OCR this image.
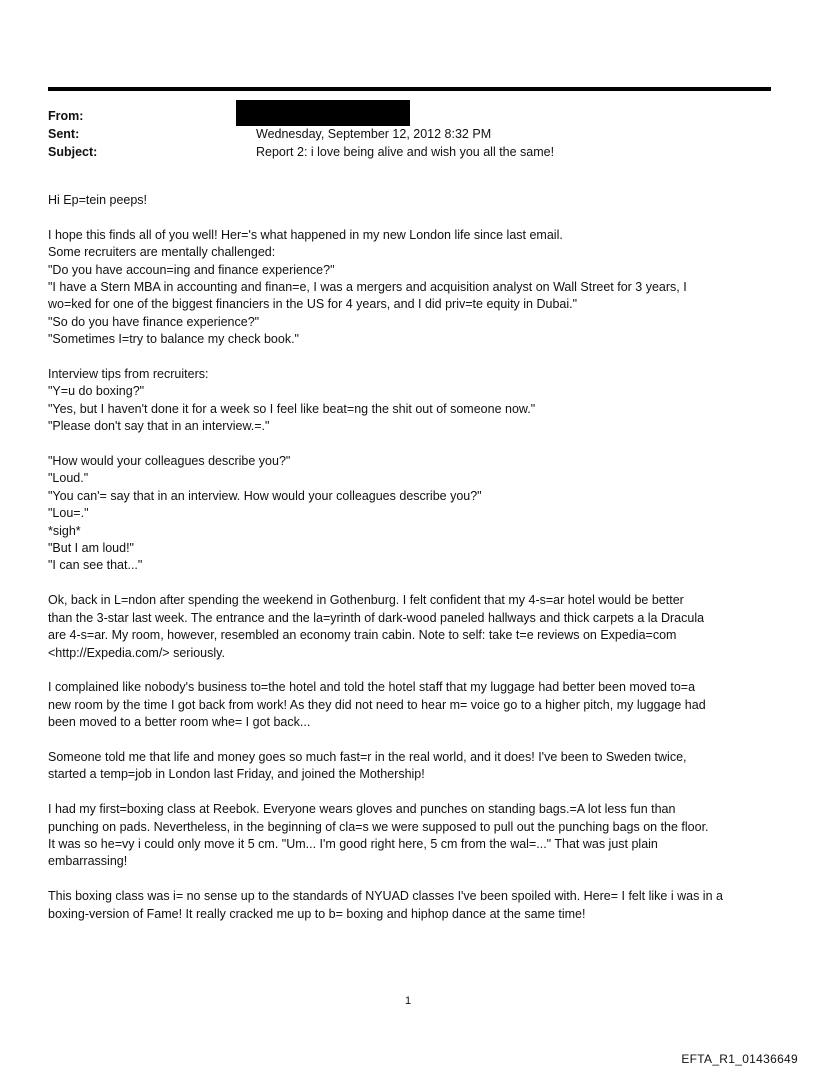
From:
Sent:	Wednesday, September 12, 2012 8:32 PM
Subject:	Report 2: i love being alive and wish you all the same!

Hi Ep=tein peeps!

I hope this finds all of you well! Her='s what happened in my new London life since last email.
Some recruiters are mentally challenged:
"Do you have accoun=ing and finance experience?"
"I have a Stern MBA in accounting and finan=e, I was a mergers and acquisition analyst on Wall Street for 3 years, I
wo=ked for one of the biggest financiers in the US for 4 years, and I did priv=te equity in Dubai."
"So do you have finance experience?"
"Sometimes I=try to balance my check book."

Interview tips from recruiters:
"Y=u do boxing?"
"Yes, but I haven't done it for a week so I feel like beat=ng the shit out of someone now."
"Please don't say that in an interview.=."

"How would your colleagues describe you?"
"Loud."
"You can'= say that in an interview. How would your colleagues describe you?"
"Lou=."
*sigh*
"But I am loud!"
"I can see that..."

Ok, back in L=ndon after spending the weekend in Gothenburg. I felt confident that my 4-s=ar hotel would be better
than the 3-star last week. The entrance and the la=yrinth of dark-wood paneled hallways and thick carpets a la Dracula
are 4-s=ar. My room, however, resembled an economy train cabin. Note to self: take t=e reviews on Expedia=com
<http://Expedia.com/> seriously.

I complained like nobody's business to=the hotel and told the hotel staff that my luggage had better been moved to=a
new room by the time I got back from work! As they did not need to hear m= voice go to a higher pitch, my luggage had
been moved to a better room whe= I got back...

Someone told me that life and money goes so much fast=r in the real world, and it does! I've been to Sweden twice,
started a temp=job in London last Friday, and joined the Mothership!

I had my first=boxing class at Reebok. Everyone wears gloves and punches on standing bags.=A lot less fun than
punching on pads. Nevertheless, in the beginning of cla=s we were supposed to pull out the punching bags on the floor.
It was so he=vy i could only move it 5 cm. "Um... I'm good right here, 5 cm from the wal=..." That was just plain
embarrassing!

This boxing class was i= no sense up to the standards of NYUAD classes I've been spoiled with. Here= I felt like i was in a
boxing-version of Fame! It really cracked me up to b= boxing and hiphop dance at the same time!

1
EFTA_R1_01436649
